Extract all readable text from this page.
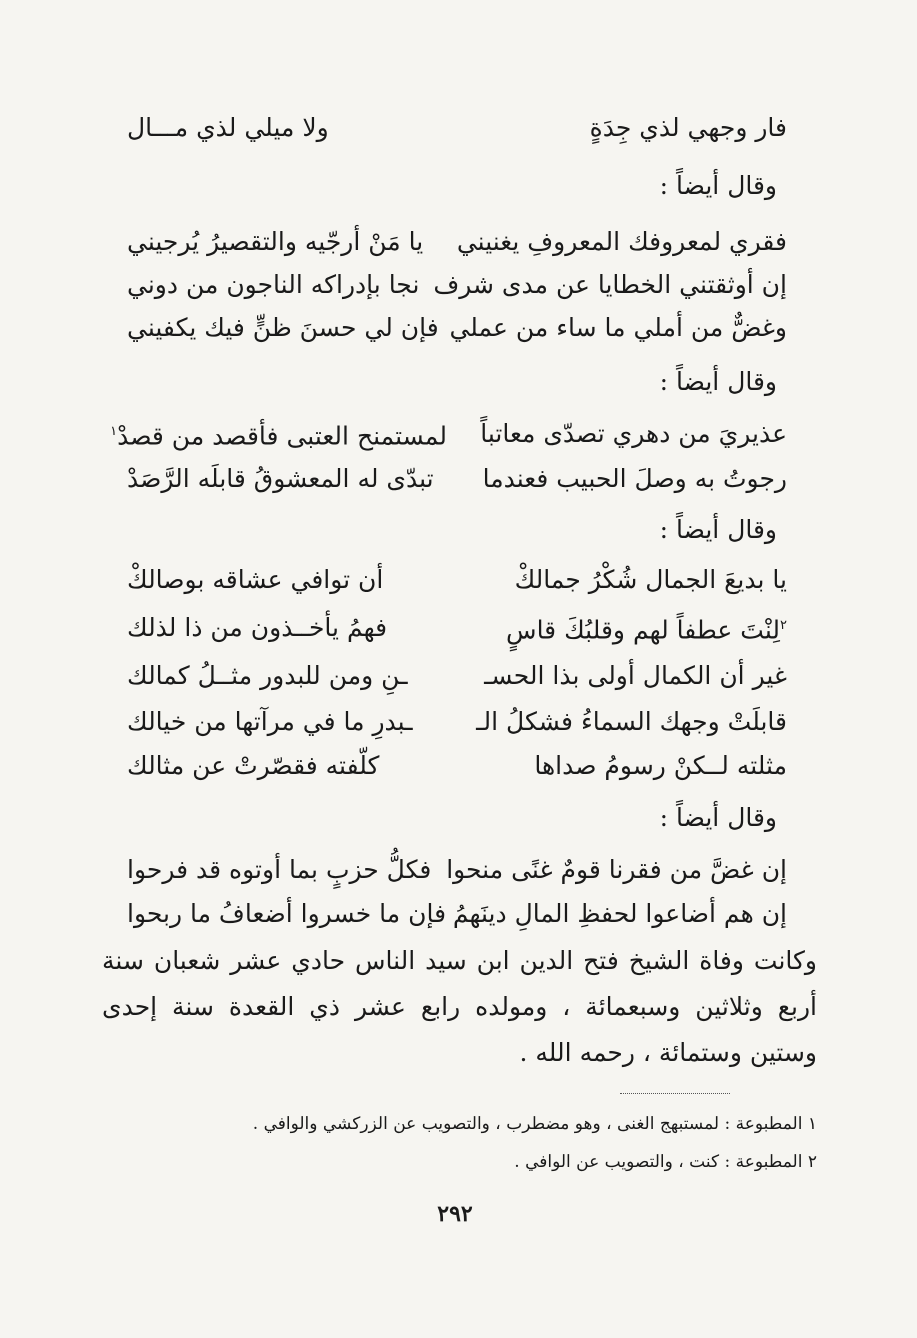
فار وجهي لذي جِدَةٍ
ولا ميلي لذي مـــال
وقال أيضاً :
فقري لمعروفك المعروفِ يغنيني
يا مَنْ أرجّيه والتقصيرُ يُرجيني
إن أوثقتني الخطايا عن مدى شرف
نجا بإدراكه الناجون من دوني
وغضٌّ من أملي ما ساء من عملي
فإن لي حسنَ ظنٍّ فيك يكفيني
وقال أيضاً :
عذيريَ من دهري تصدّى معاتباً
لمستمنح العتبى فأقصد من قصدْ$^١$
رجوتُ به وصلَ الحبيب فعندما
تبدّى له المعشوقُ قابلَه الرَّصَدْ
وقال أيضاً :
يا بديعَ الجمال شُكْرُ جمالكْ
أن توافي عشاقه بوصالكْ
$^٢$لِنْتَ عطفاً لهم وقلبُكَ قاسٍ
فهمُ يأخــذون من ذا لذلك
غير أن الكمال أولى بذا الحسـ
ـنِ ومن للبدور مثــلُ كمالك
قابلَتْ وجهك السماءُ فشكلُ الـ
ـبدرِ ما في مرآتها من خيالك
مثلته لــكنْ رسومُ صداها
كلّفته فقصّرتْ عن مثالك
وقال أيضاً :
إن غضَّ من فقرنا قومٌ غنًى منحوا
فكلُّ حزبٍ بما أوتوه قد فرحوا
إن هم أضاعوا لحفظِ المالِ دينَهمُ
فإن ما خسروا أضعافُ ما ربحوا

وكانت وفاة الشيخ فتح الدين ابن سيد الناس حادي عشر شعبان سنة أربع وثلاثين وسبعمائة ، ومولده رابع عشر ذي القعدة سنة إحدى وستين وستمائة ، رحمه الله .

١ المطبوعة : لمستبهج الغنى ، وهو مضطرب ، والتصويب عن الزركشي والوافي .
٢ المطبوعة : كنت ، والتصويب عن الوافي .
٢٩٢
